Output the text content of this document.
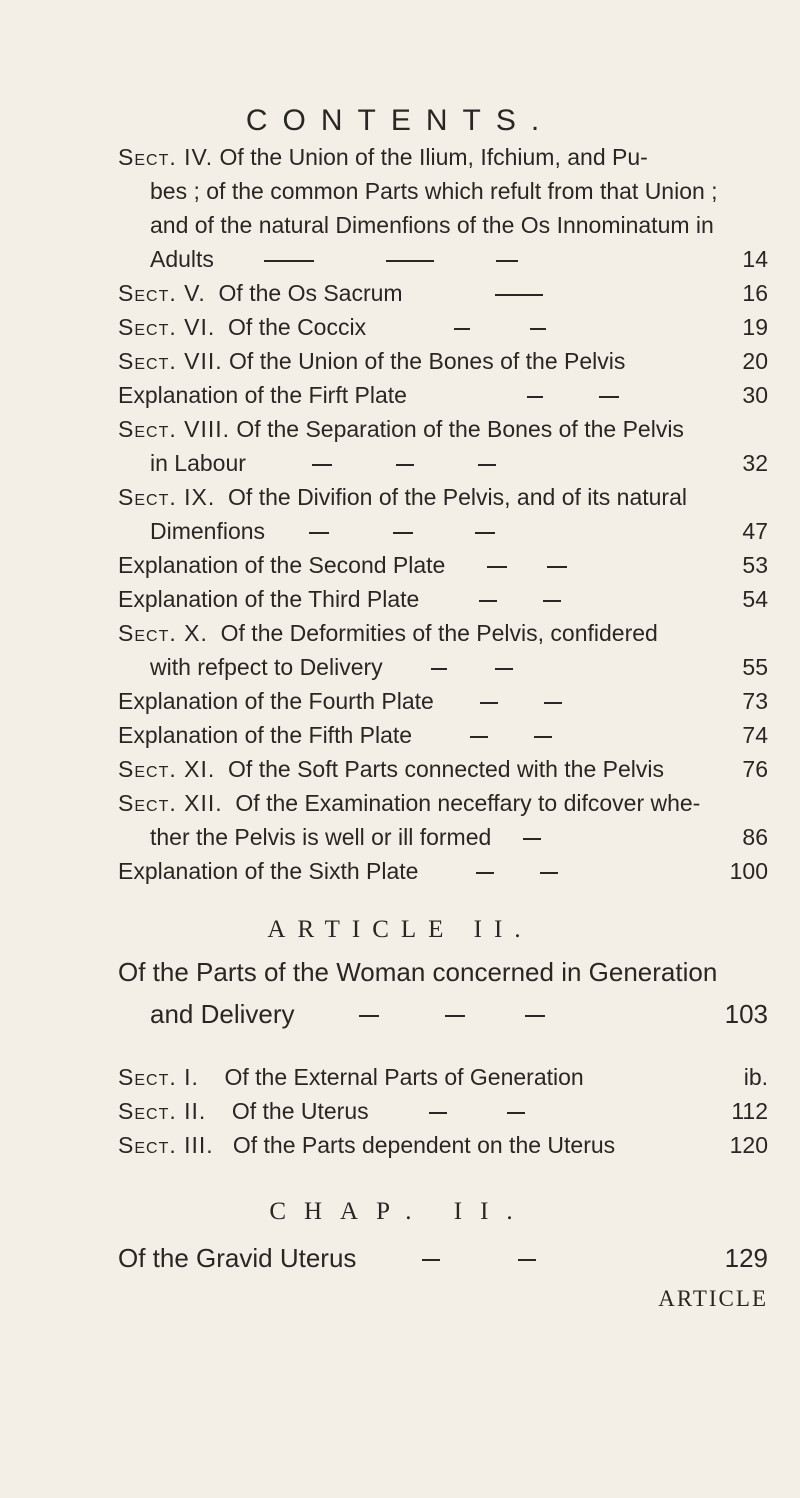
CONTENTS.
Sect. IV. Of the Union of the Ilium, Ifchium, and Pu-
bes ; of the common Parts which refult from that Union ;
and of the natural Dimenfions of the Os Innominatum in
Adults	14
Sect. V. Of the Os Sacrum	16
Sect. VI. Of the Coccix	19
Sect. VII. Of the Union of the Bones of the Pelvis	20
Explanation of the Firft Plate	30
Sect. VIII. Of the Separation of the Bones of the Pelvis
in Labour	32
Sect. IX. Of the Divifion of the Pelvis, and of its natural
Dimenfions	47
Explanation of the Second Plate	53
Explanation of the Third Plate	54
Sect. X. Of the Deformities of the Pelvis, confidered
with refpect to Delivery	55
Explanation of the Fourth Plate	73
Explanation of the Fifth Plate	74
Sect. XI. Of the Soft Parts connected with the Pelvis	76
Sect. XII. Of the Examination neceffary to difcover whe-
ther the Pelvis is well or ill formed	86
Explanation of the Sixth Plate	100
ARTICLE II.
Of the Parts of the Woman concerned in Generation
and Delivery	103
Sect. I. Of the External Parts of Generation	ib.
Sect. II. Of the Uterus	112
Sect. III. Of the Parts dependent on the Uterus	120
CHAP. II.
Of the Gravid Uterus	129
ARTICLE
